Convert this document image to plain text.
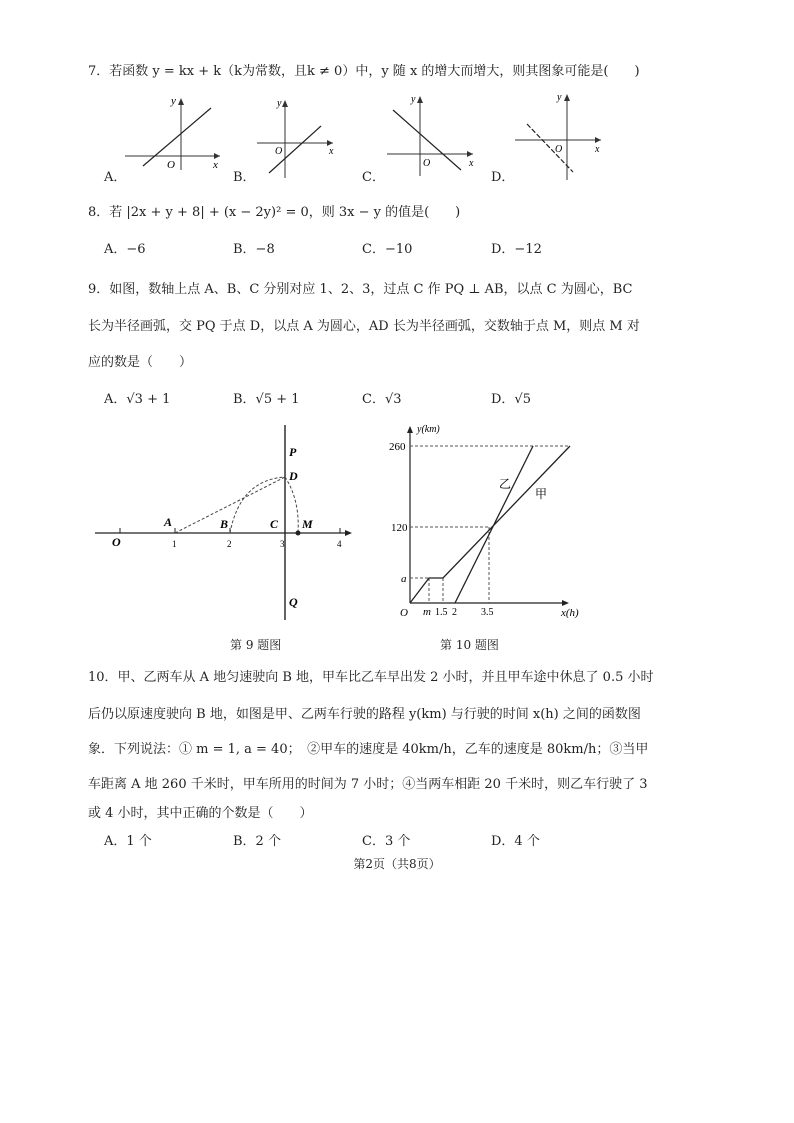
7．若函数 y = kx + k（k为常数，且k ≠ 0）中，y 随 x 的增大而增大，则其图象可能是(　　)
y
x
O
y
x
O
y
x
O
y
x
O
A．	B．	C．	D．
8．若 |2x + y + 8| + (x − 2y)² = 0，则 3x − y 的值是(　　)
A．−6	B．−8	C．−10	D．−12
9．如图，数轴上点 A、B、C 分别对应 1、2、3，过点 C 作 PQ ⊥ AB，以点 C 为圆心，BC
长为半径画弧，交 PQ 于点 D，以点 A 为圆心，AD 长为半径画弧，交数轴于点 M，则点 M 对
应的数是（　　）
A．√3 + 1	B．√5 + 1	C．√3	D．√5
O
A	B	C M
P
D
Q
1	2	3	4
第 9 题图
y(km)
x(h)
260
120
a
O m 1.5 2 3.5
乙
甲
第 10 题图
10．甲、乙两车从 A 地匀速驶向 B 地，甲车比乙车早出发 2 小时，并且甲车途中休息了 0.5 小时
后仍以原速度驶向 B 地，如图是甲、乙两车行驶的路程 y(km) 与行驶的时间 x(h) 之间的函数图
象．下列说法：① m = 1, a = 40；　②甲车的速度是 40km/h，乙车的速度是 80km/h；③当甲
车距离 A 地 260 千米时，甲车所用的时间为 7 小时；④当两车相距 20 千米时，则乙车行驶了 3
或 4 小时，其中正确的个数是（　　）
A．1 个	B．2 个	C．3 个	D．4 个
第2页（共8页）
